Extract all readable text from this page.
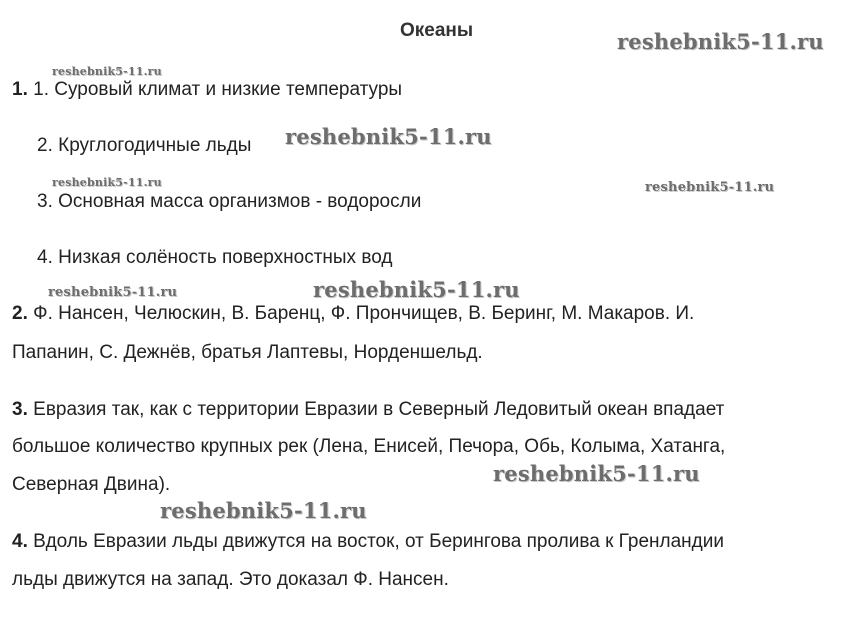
Океаны
1. 1. Суровый климат и низкие температуры
2. Круглогодичные льды
3. Основная масса организмов - водоросли
4. Низкая солёность поверхностных вод
2. Ф. Нансен, Челюскин, В. Баренц, Ф. Прончищев, В. Беринг, М. Макаров. И.
Папанин, С. Дежнёв, братья Лаптевы, Норденшельд.
3. Евразия так, как с территории Евразии в Северный Ледовитый океан впадает
большое количество крупных рек (Лена, Енисей, Печора, Обь, Колыма, Хатанга,
Северная Двина).
4. Вдоль Евразии льды движутся на восток, от Берингова пролива к Гренландии
льды движутся на запад. Это доказал Ф. Нансен.
reshebnik5-11.ru
reshebnik5-11.ru
reshebnik5-11.ru
reshebnik5-11.ru	reshebnik5-11.ru
reshebnik5-11.ru	reshebnik5-11.ru
reshebnik5-11.ru
reshebnik5-11.ru
